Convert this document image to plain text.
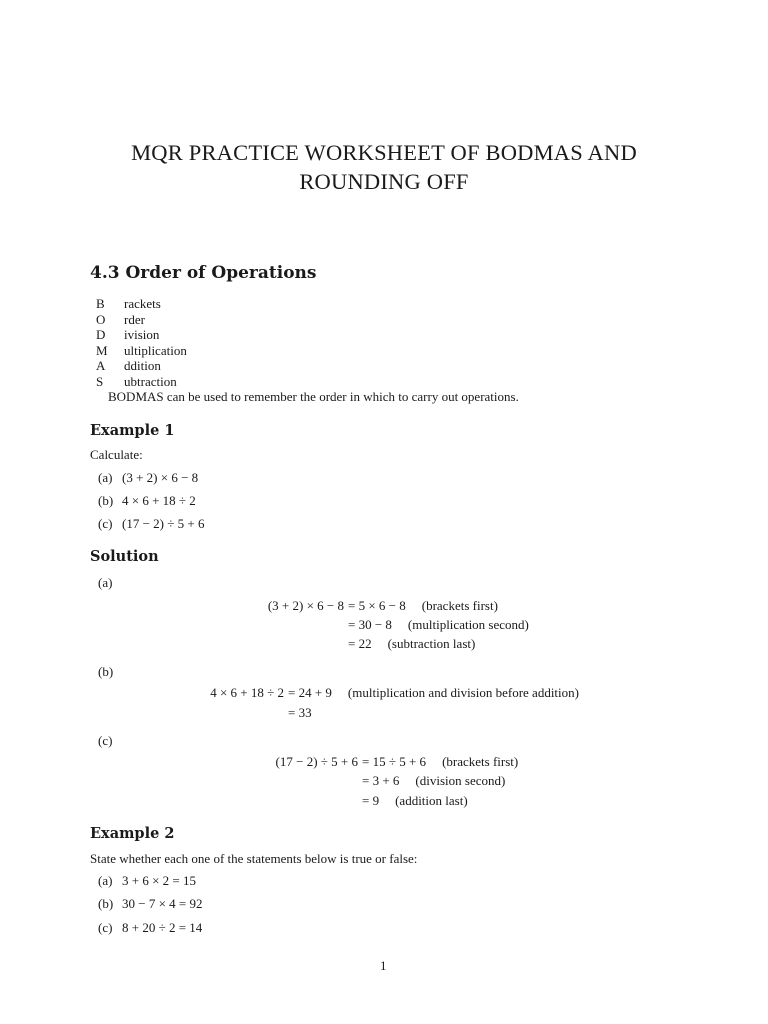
MQR PRACTICE WORKSHEET OF BODMAS AND
ROUNDING OFF
4.3 Order of Operations
B rackets
O rder
D ivision
M ultiplication
A ddition
S ubtraction
BODMAS can be used to remember the order in which to carry out operations.
Example 1
Calculate:
(a) (3 + 2) × 6 − 8
(b) 4 × 6 + 18 ÷ 2
(c) (17 − 2) ÷ 5 + 6
Solution
(a)
(3 + 2) × 6 − 8 = 5 × 6 − 8 (brackets first)
= 30 − 8 (multiplication second)
= 22 (subtraction last)
(b)
4 × 6 + 18 ÷ 2 = 24 + 9 (multiplication and division before addition)
= 33
(c)
(17 − 2) ÷ 5 + 6 = 15 ÷ 5 + 6 (brackets first)
= 3 + 6 (division second)
= 9 (addition last)
Example 2
State whether each one of the statements below is true or false:
(a) 3 + 6 × 2 = 15
(b) 30 − 7 × 4 = 92
(c) 8 + 20 ÷ 2 = 14
1
